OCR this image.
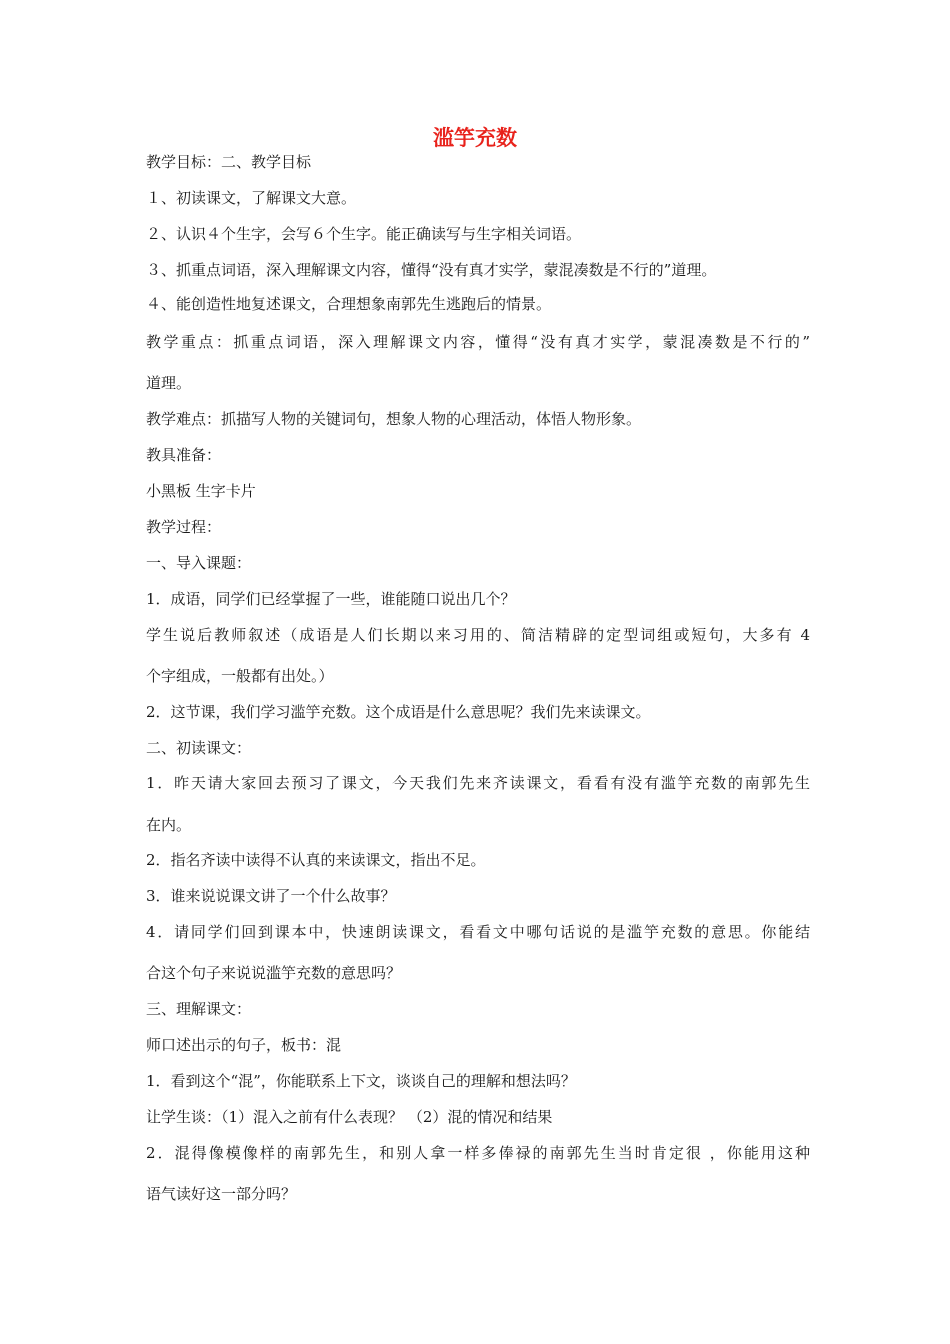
滥竽充数
教学目标：二、教学目标
１、初读课文，了解课文大意。
２、认识４个生字，会写６个生字。能正确读写与生字相关词语。
３、抓重点词语，深入理解课文内容，懂得“没有真才实学，蒙混凑数是不行的”道理。
４、能创造性地复述课文，合理想象南郭先生逃跑后的情景。
教学重点：抓重点词语，深入理解课文内容，懂得“没有真才实学，蒙混凑数是不行的”
道理。
教学难点：抓描写人物的关键词句，想象人物的心理活动，体悟人物形象。
教具准备：
小黑板 生字卡片
教学过程：
一、导入课题：
1．成语，同学们已经掌握了一些，谁能随口说出几个？
学生说后教师叙述（成语是人们长期以来习用的、简洁精辟的定型词组或短句，大多有 4
个字组成，一般都有出处。）
2．这节课，我们学习滥竽充数。这个成语是什么意思呢？我们先来读课文。
二、初读课文：
1．昨天请大家回去预习了课文，今天我们先来齐读课文，看看有没有滥竽充数的南郭先生
在内。
2．指名齐读中读得不认真的来读课文，指出不足。
3．谁来说说课文讲了一个什么故事？
4．请同学们回到课本中，快速朗读课文，看看文中哪句话说的是滥竽充数的意思。你能结
合这个句子来说说滥竽充数的意思吗？
三、理解课文：
师口述出示的句子，板书：混
1．看到这个“混”，你能联系上下文，谈谈自己的理解和想法吗？
让学生谈：（1）混入之前有什么表现？ （2）混的情况和结果
2．混得像模像样的南郭先生，和别人拿一样多俸禄的南郭先生当时肯定很 ，你能用这种
语气读好这一部分吗？
